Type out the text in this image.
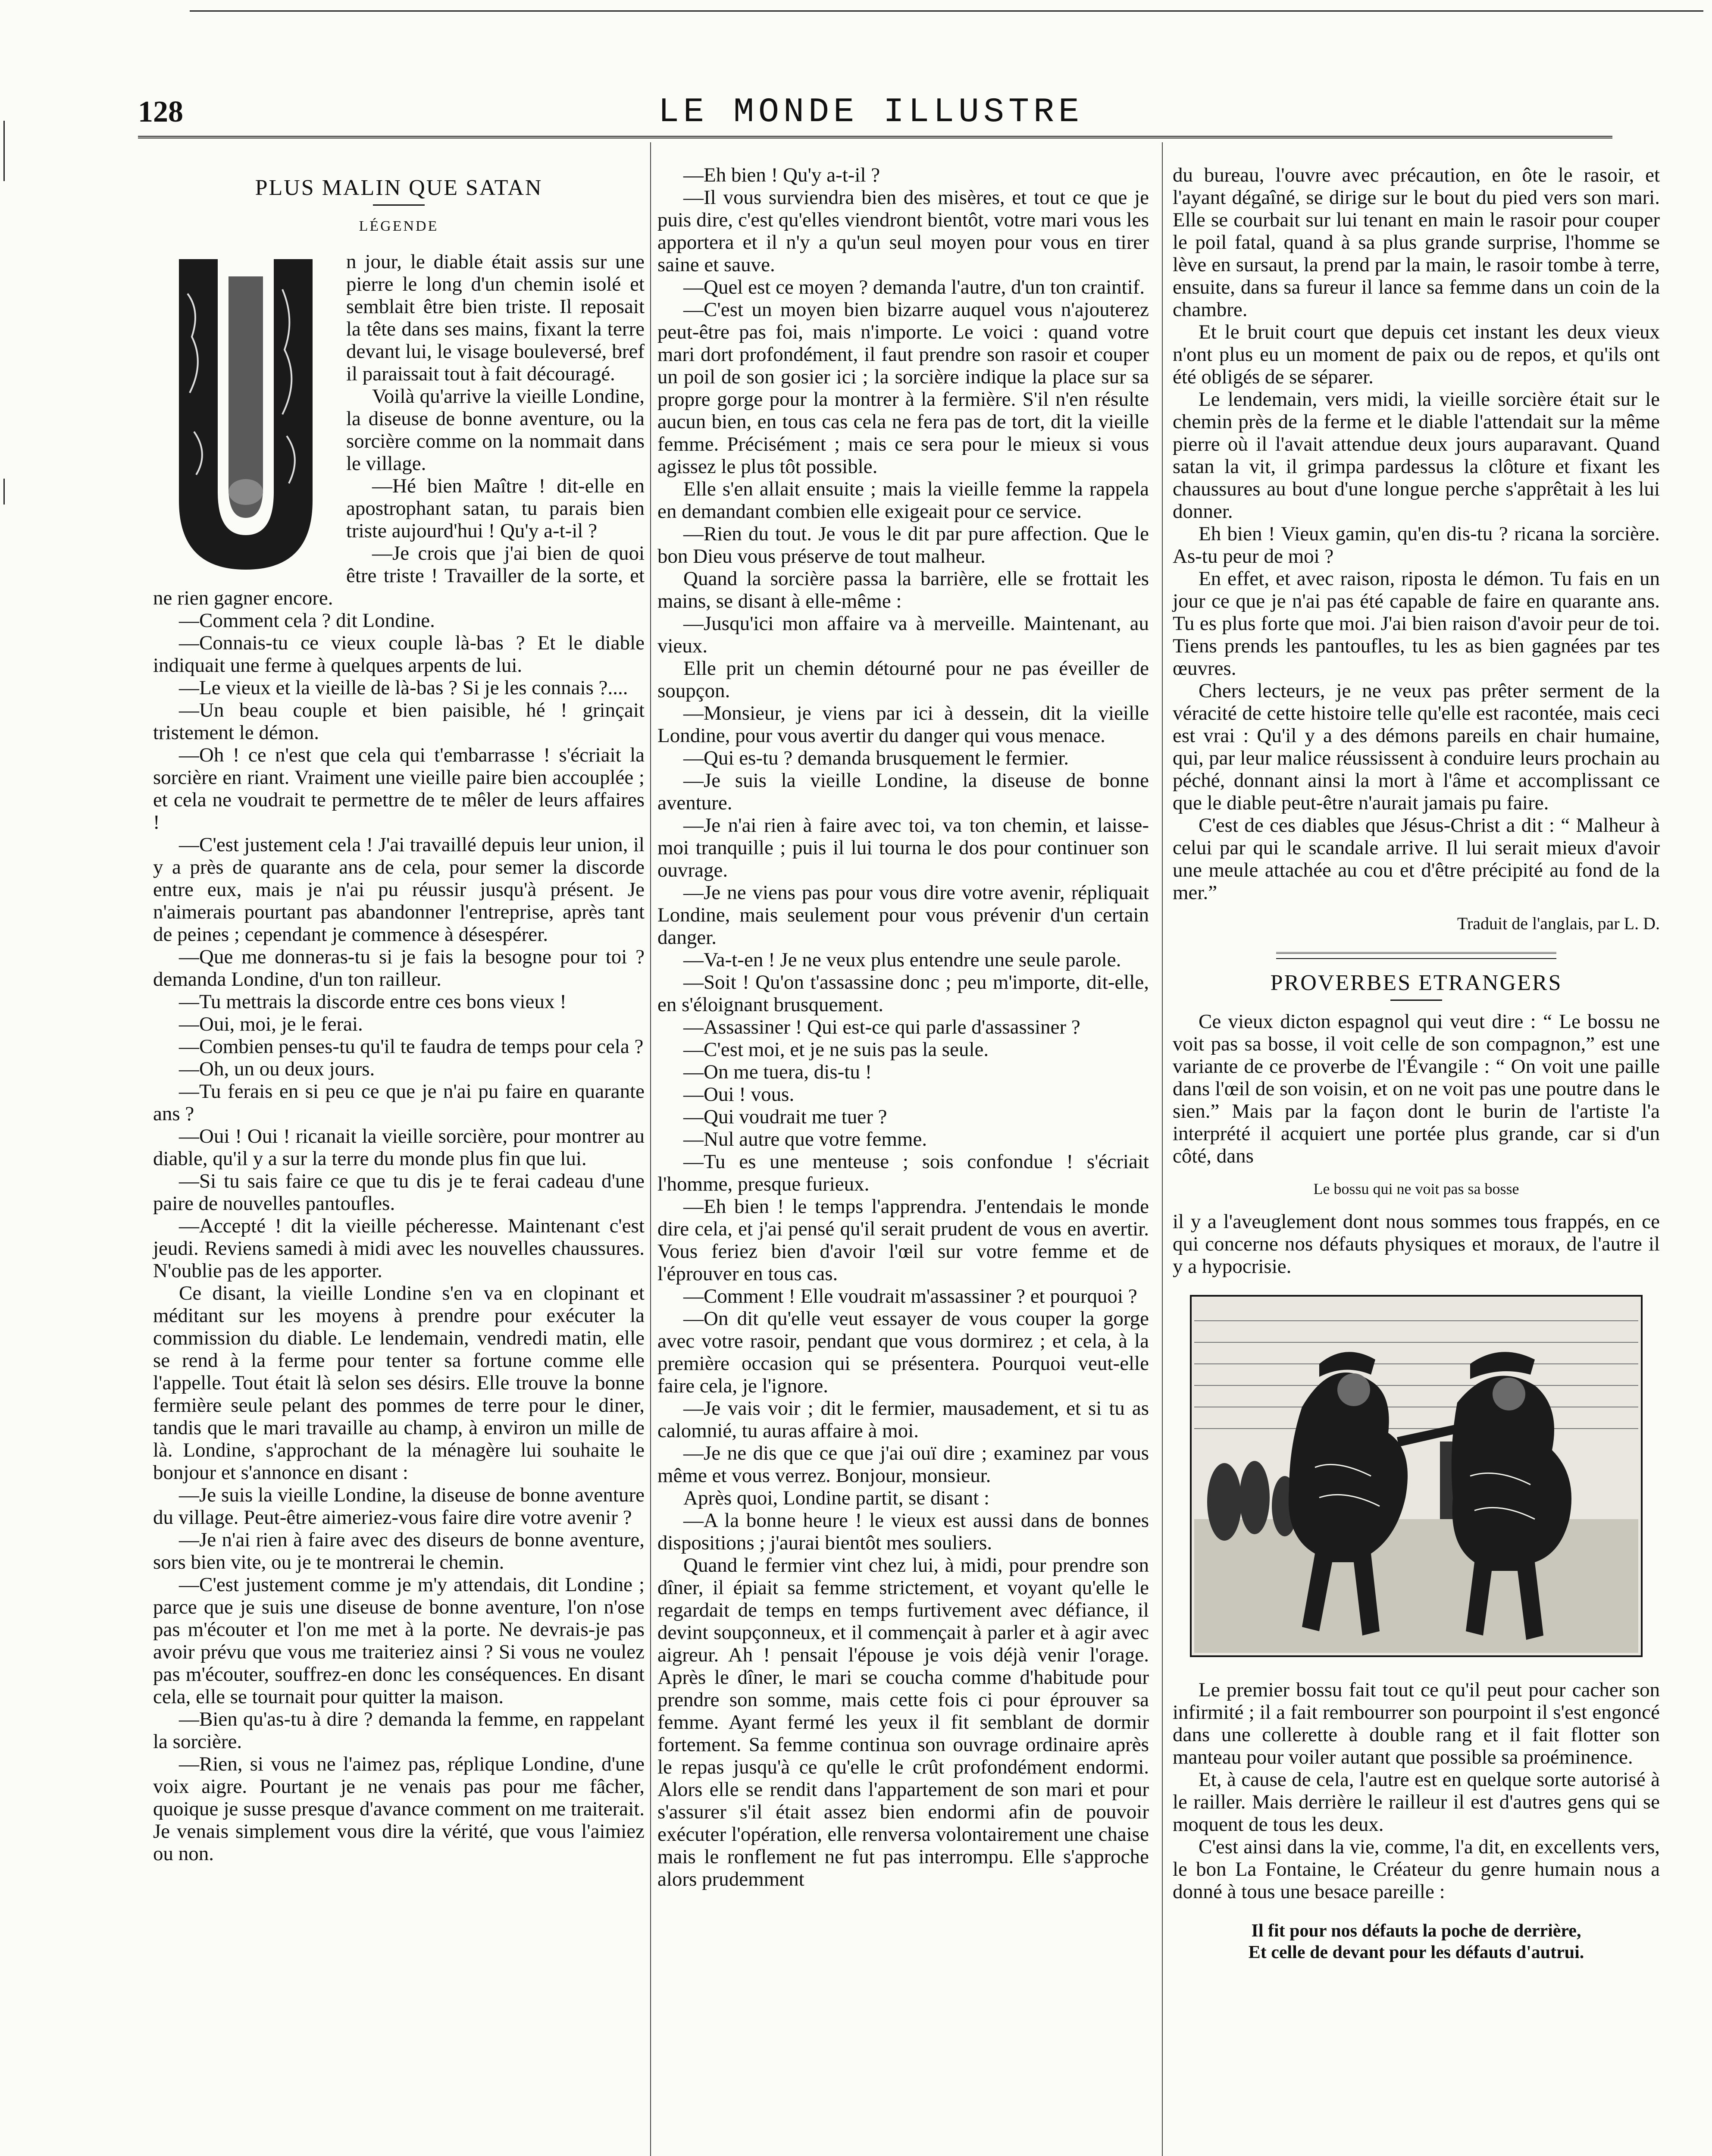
128	LE MONDE ILLUSTRE
PLUS MALIN QUE SATAN
LÉGENDE
U

n jour, le diable était assis sur une pierre le long d'un chemin isolé et semblait être bien triste. Il reposait la tête dans ses mains, fixant la terre devant lui, le visage bouleversé, bref il paraissait tout à fait découragé.

Voilà qu'arrive la vieille Londine, la diseuse de bonne aventure, ou la sorcière comme on la nommait dans le village.

—Hé bien Maître ! dit-elle en apostrophant satan, tu parais bien triste aujourd'hui ! Qu'y a-t-il ?

—Je crois que j'ai bien de quoi être triste ! Travailler de la sorte, et ne rien gagner encore.

—Comment cela ? dit Londine.

—Connais-tu ce vieux couple là-bas ? Et le diable indiquait une ferme à quelques arpents de lui.

—Le vieux et la vieille de là-bas ? Si je les connais ?....

—Un beau couple et bien paisible, hé ! grinçait tristement le démon.

—Oh ! ce n'est que cela qui t'embarrasse ! s'écriait la sorcière en riant. Vraiment une vieille paire bien accouplée ; et cela ne voudrait te permettre de te mêler de leurs affaires !

—C'est justement cela ! J'ai travaillé depuis leur union, il y a près de quarante ans de cela, pour semer la discorde entre eux, mais je n'ai pu réussir jusqu'à présent. Je n'aimerais pourtant pas abandonner l'entreprise, après tant de peines ; cependant je commence à désespérer.

—Que me donneras-tu si je fais la besogne pour toi ? demanda Londine, d'un ton railleur.

—Tu mettrais la discorde entre ces bons vieux !

—Oui, moi, je le ferai.

—Combien penses-tu qu'il te faudra de temps pour cela ?

—Oh, un ou deux jours.

—Tu ferais en si peu ce que je n'ai pu faire en quarante ans ?

—Oui ! Oui ! ricanait la vieille sorcière, pour montrer au diable, qu'il y a sur la terre du monde plus fin que lui.

—Si tu sais faire ce que tu dis je te ferai cadeau d'une paire de nouvelles pantoufles.

—Accepté ! dit la vieille pécheresse. Maintenant c'est jeudi. Reviens samedi à midi avec les nouvelles chaussures. N'oublie pas de les apporter.

Ce disant, la vieille Londine s'en va en clopinant et méditant sur les moyens à prendre pour exécuter la commission du diable. Le lendemain, vendredi matin, elle se rend à la ferme pour tenter sa fortune comme elle l'appelle. Tout était là selon ses désirs. Elle trouve la bonne fermière seule pelant des pommes de terre pour le diner, tandis que le mari travaille au champ, à environ un mille de là. Londine, s'approchant de la ménagère lui souhaite le bonjour et s'annonce en disant :

—Je suis la vieille Londine, la diseuse de bonne aventure du village. Peut-être aimeriez-vous faire dire votre avenir ?

—Je n'ai rien à faire avec des diseurs de bonne aventure, sors bien vite, ou je te montrerai le chemin.

—C'est justement comme je m'y attendais, dit Londine ; parce que je suis une diseuse de bonne aventure, l'on n'ose pas m'écouter et l'on me met à la porte. Ne devrais-je pas avoir prévu que vous me traiteriez ainsi ? Si vous ne voulez pas m'écouter, souffrez-en donc les conséquences. En disant cela, elle se tournait pour quitter la maison.

—Bien qu'as-tu à dire ? demanda la femme, en rappelant la sorcière.

—Rien, si vous ne l'aimez pas, réplique Londine, d'une voix aigre. Pourtant je ne venais pas pour me fâcher, quoique je susse presque d'avance comment on me traiterait. Je venais simplement vous dire la vérité, que vous l'aimiez ou non.

—Eh bien ! Qu'y a-t-il ?

—Il vous surviendra bien des misères, et tout ce que je puis dire, c'est qu'elles viendront bientôt, votre mari vous les apportera et il n'y a qu'un seul moyen pour vous en tirer saine et sauve.

—Quel est ce moyen ? demanda l'autre, d'un ton craintif.

—C'est un moyen bien bizarre auquel vous n'ajouterez peut-être pas foi, mais n'importe. Le voici : quand votre mari dort profondément, il faut prendre son rasoir et couper un poil de son gosier ici ; la sorcière indique la place sur sa propre gorge pour la montrer à la fermière. S'il n'en résulte aucun bien, en tous cas cela ne fera pas de tort, dit la vieille femme. Précisément ; mais ce sera pour le mieux si vous agissez le plus tôt possible.

Elle s'en allait ensuite ; mais la vieille femme la rappela en demandant combien elle exigeait pour ce service.

—Rien du tout. Je vous le dit par pure affection. Que le bon Dieu vous préserve de tout malheur.

Quand la sorcière passa la barrière, elle se frottait les mains, se disant à elle-même :

—Jusqu'ici mon affaire va à merveille. Maintenant, au vieux.

Elle prit un chemin détourné pour ne pas éveiller de soupçon.

—Monsieur, je viens par ici à dessein, dit la vieille Londine, pour vous avertir du danger qui vous menace.

—Qui es-tu ? demanda brusquement le fermier.

—Je suis la vieille Londine, la diseuse de bonne aventure.

—Je n'ai rien à faire avec toi, va ton chemin, et laisse-moi tranquille ; puis il lui tourna le dos pour continuer son ouvrage.

—Je ne viens pas pour vous dire votre avenir, répliquait Londine, mais seulement pour vous prévenir d'un certain danger.

—Va-t-en ! Je ne veux plus entendre une seule parole.

—Soit ! Qu'on t'assassine donc ; peu m'importe, dit-elle, en s'éloignant brusquement.

—Assassiner ! Qui est-ce qui parle d'assassiner ?

—C'est moi, et je ne suis pas la seule.

—On me tuera, dis-tu !

—Oui ! vous.

—Qui voudrait me tuer ?

—Nul autre que votre femme.

—Tu es une menteuse ; sois confondue ! s'écriait l'homme, presque furieux.

—Eh bien ! le temps l'apprendra. J'entendais le monde dire cela, et j'ai pensé qu'il serait prudent de vous en avertir. Vous feriez bien d'avoir l'œil sur votre femme et de l'éprouver en tous cas.

—Comment ! Elle voudrait m'assassiner ? et pourquoi ?

—On dit qu'elle veut essayer de vous couper la gorge avec votre rasoir, pendant que vous dormirez ; et cela, à la première occasion qui se présentera. Pourquoi veut-elle faire cela, je l'ignore.

—Je vais voir ; dit le fermier, mausadement, et si tu as calomnié, tu auras affaire à moi.

—Je ne dis que ce que j'ai ouï dire ; examinez par vous même et vous verrez. Bonjour, monsieur.

Après quoi, Londine partit, se disant :

—A la bonne heure ! le vieux est aussi dans de bonnes dispositions ; j'aurai bientôt mes souliers.

Quand le fermier vint chez lui, à midi, pour prendre son dîner, il épiait sa femme strictement, et voyant qu'elle le regardait de temps en temps furtivement avec défiance, il devint soupçonneux, et il commençait à parler et à agir avec aigreur. Ah ! pensait l'épouse je vois déjà venir l'orage. Après le dîner, le mari se coucha comme d'habitude pour prendre son somme, mais cette fois ci pour éprouver sa femme. Ayant fermé les yeux il fit semblant de dormir fortement. Sa femme continua son ouvrage ordinaire après le repas jusqu'à ce qu'elle le crût profondément endormi. Alors elle se rendit dans l'appartement de son mari et pour s'assurer s'il était assez bien endormi afin de pouvoir exécuter l'opération, elle renversa volontairement une chaise mais le ronflement ne fut pas interrompu. Elle s'approche alors prudemment

du bureau, l'ouvre avec précaution, en ôte le rasoir, et l'ayant dégaîné, se dirige sur le bout du pied vers son mari. Elle se courbait sur lui tenant en main le rasoir pour couper le poil fatal, quand à sa plus grande surprise, l'homme se lève en sursaut, la prend par la main, le rasoir tombe à terre, ensuite, dans sa fureur il lance sa femme dans un coin de la chambre.

Et le bruit court que depuis cet instant les deux vieux n'ont plus eu un moment de paix ou de repos, et qu'ils ont été obligés de se séparer.

Le lendemain, vers midi, la vieille sorcière était sur le chemin près de la ferme et le diable l'attendait sur la même pierre où il l'avait attendue deux jours auparavant. Quand satan la vit, il grimpa pardessus la clôture et fixant les chaussures au bout d'une longue perche s'apprêtait à les lui donner.

Eh bien ! Vieux gamin, qu'en dis-tu ? ricana la sorcière. As-tu peur de moi ?

En effet, et avec raison, riposta le démon. Tu fais en un jour ce que je n'ai pas été capable de faire en quarante ans. Tu es plus forte que moi. J'ai bien raison d'avoir peur de toi. Tiens prends les pantoufles, tu les as bien gagnées par tes œuvres.

Chers lecteurs, je ne veux pas prêter serment de la véracité de cette histoire telle qu'elle est racontée, mais ceci est vrai : Qu'il y a des démons pareils en chair humaine, qui, par leur malice réussissent à conduire leurs prochain au péché, donnant ainsi la mort à l'âme et accomplissant ce que le diable peut-être n'aurait jamais pu faire.

C'est de ces diables que Jésus-Christ a dit : “ Malheur à celui par qui le scandale arrive. Il lui serait mieux d'avoir une meule attachée au cou et d'être précipité au fond de la mer.”

Traduit de l'anglais, par L. D.
PROVERBES ETRANGERS

Ce vieux dicton espagnol qui veut dire : “ Le bossu ne voit pas sa bosse, il voit celle de son compagnon,” est une variante de ce proverbe de l'Évangile : “ On voit une paille dans l'œil de son voisin, et on ne voit pas une poutre dans le sien.” Mais par la façon dont le burin de l'artiste l'a interprété il acquiert une portée plus grande, car si d'un côté, dans

Le bossu qui ne voit pas sa bosse

il y a l'aveuglement dont nous sommes tous frappés, en ce qui concerne nos défauts physiques et moraux, de l'autre il y a hypocrisie.

Le premier bossu fait tout ce qu'il peut pour cacher son infirmité ; il a fait rembourrer son pourpoint il s'est engoncé dans une collerette à double rang et il fait flotter son manteau pour voiler autant que possible sa proéminence.

Et, à cause de cela, l'autre est en quelque sorte autorisé à le railler. Mais derrière le railleur il est d'autres gens qui se moquent de tous les deux.

C'est ainsi dans la vie, comme, l'a dit, en excellents vers, le bon La Fontaine, le Créateur du genre humain nous a donné à tous une besace pareille :

Il fit pour nos défauts la poche de derrière,
Et celle de devant pour les défauts d'autrui.
